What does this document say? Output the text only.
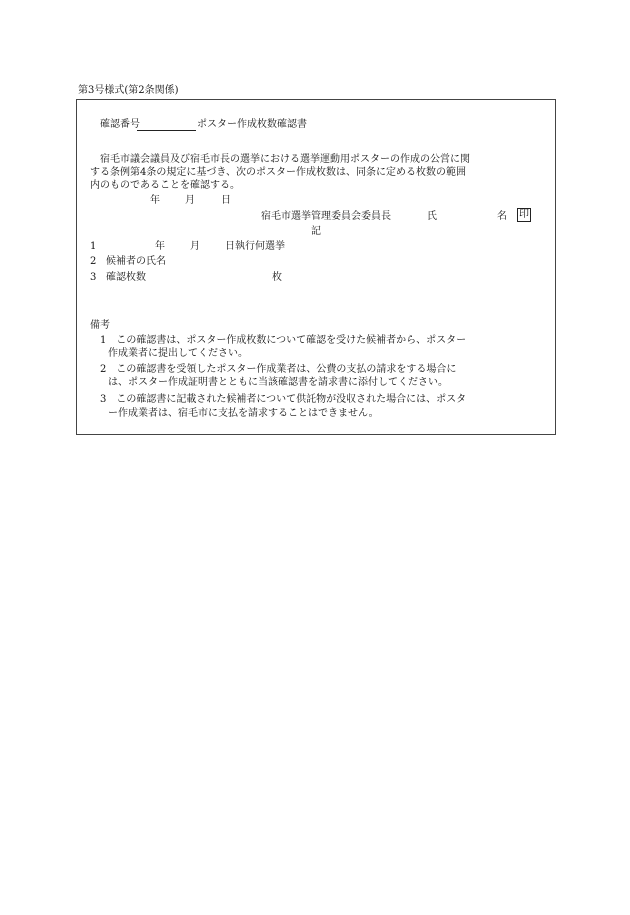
第3号様式(第2条関係)
確認番号	ポスター作成枚数確認書
宿毛市議会議員及び宿毛市長の選挙における選挙運動用ポスターの作成の公営に関
する条例第4条の規定に基づき、次のポスター作成枚数は、同条に定める枚数の範囲
内のものであることを確認する。
年	月	日
宿毛市選挙管理委員会委員長	氏	名 印
記
1	年	月	日執行何選挙
2 候補者の氏名
3 確認枚数	枚
備考
1　この確認書は、ポスター作成枚数について確認を受けた候補者から、ポスター
作成業者に提出してください。
2　この確認書を受領したポスター作成業者は、公費の支払の請求をする場合に
は、ポスター作成証明書とともに当該確認書を請求書に添付してください。
3　この確認書に記載された候補者について供託物が没収された場合には、ポスタ
ー作成業者は、宿毛市に支払を請求することはできません。
